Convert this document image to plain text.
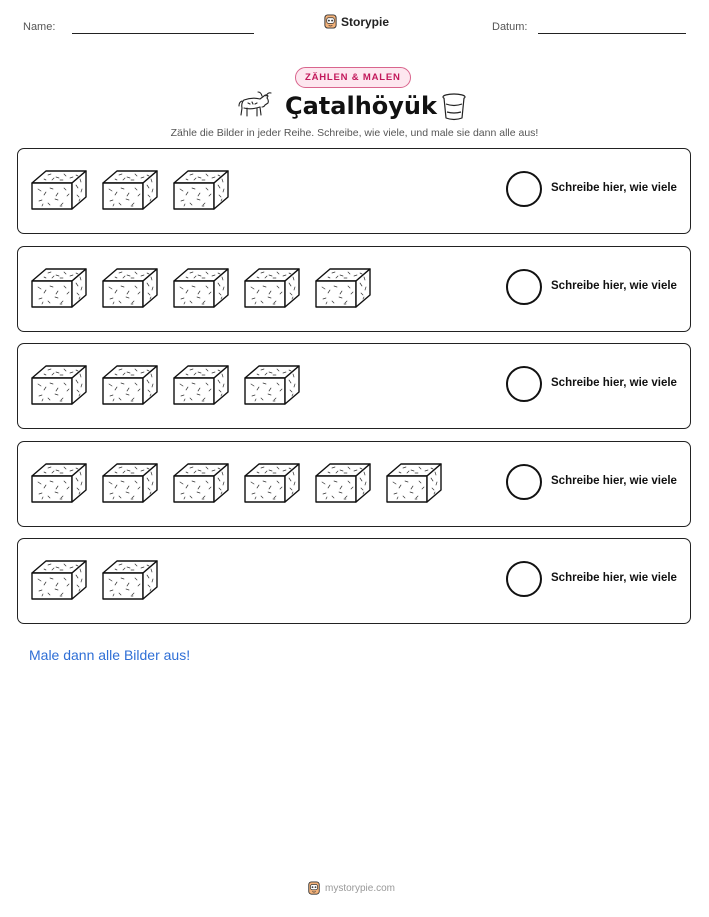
Name:	Storypie	Datum:
ZÄHLEN & MALEN
Çatalhöyük
Zähle die Bilder in jeder Reihe. Schreibe, wie viele, und male sie dann alle aus!
Schreibe hier, wie viele
Schreibe hier, wie viele
Schreibe hier, wie viele
Schreibe hier, wie viele
Schreibe hier, wie viele
Male dann alle Bilder aus!
mystorypie.com
